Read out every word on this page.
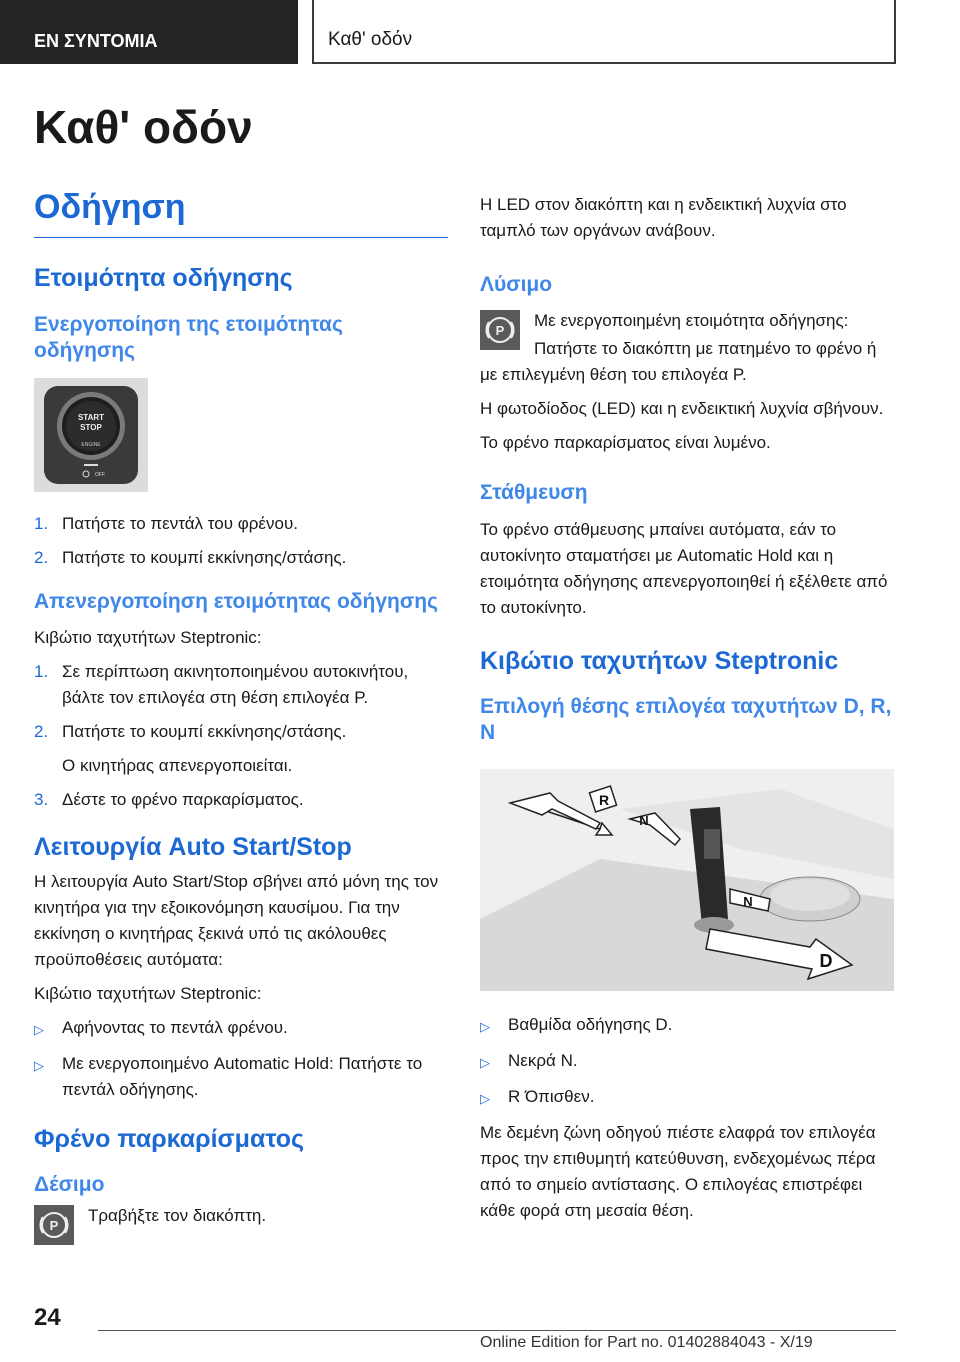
ΕΝ ΣΥΝΤΟΜΙΑ	Καθ' οδόν
Καθ' οδόν
Οδήγηση
Ετοιμότητα οδήγησης
Ενεργοποίηση της ετοιμότητας οδήγησης
START
STOP
ENGINE
OFF
1. Πατήστε το πεντάλ του φρένου.
2. Πατήστε το κουμπί εκκίνησης/στάσης.
Απενεργοποίηση ετοιμότητας οδήγησης

Κιβώτιο ταχυτήτων Steptronic:

1. Σε περίπτωση ακινητοποιημένου αυτοκινήτου, βάλτε τον επιλογέα στη θέση επιλογέα P.
2. Πατήστε το κουμπί εκκίνησης/στάσης.
Ο κινητήρας απενεργοποιείται.
3. Δέστε το φρένο παρκαρίσματος.
Λειτουργία Auto Start/Stop

Η λειτουργία Auto Start/Stop σβήνει από μόνη της τον κινητήρα για την εξοικονόμηση καυσίμου. Για την εκκίνηση ο κινητήρας ξεκινά υπό τις ακόλουθες προϋποθέσεις αυτόματα:

Κιβώτιο ταχυτήτων Steptronic:

▷	Αφήνοντας το πεντάλ φρένου.
▷	Με ενεργοποιημένο Automatic Hold: Πατήστε το πεντάλ οδήγησης.
Φρένο παρκαρίσματος
Δέσιμο
P
Τραβήξτε τον διακόπτη.

Η LED στον διακόπτη και η ενδεικτική λυχνία στο ταμπλό των οργάνων ανάβουν.

Λύσιμο
P
Με ενεργοποιημένη ετοιμότητα οδήγησης:

Πατήστε το διακόπτη με πατημένο το φρένο ή με επιλεγμένη θέση του επιλογέα P.

Η φωτοδίοδος (LED) και η ενδεικτική λυχνία σβήνουν.

Το φρένο παρκαρίσματος είναι λυμένο.

Στάθμευση

Το φρένο στάθμευσης μπαίνει αυτόματα, εάν το αυτοκίνητο σταματήσει με Automatic Hold και η ετοιμότητα οδήγησης απενεργοποιηθεί ή εξέλθετε από το αυτοκίνητο.

Κιβώτιο ταχυτήτων Steptronic
Επιλογή θέσης επιλογέα ταχυτήτων D, R, N
R
N
N
D
▷	Βαθμίδα οδήγησης D.
▷	Νεκρά N.
▷	R Όπισθεν.

Με δεμένη ζώνη οδηγού πιέστε ελαφρά τον επιλογέα προς την επιθυμητή κατεύθυνση, ενδεχομένως πέρα από το σημείο αντίστασης. Ο επιλογέας επιστρέφει κάθε φορά στη μεσαία θέση.

24
Online Edition for Part no. 01402884043 - X/19
